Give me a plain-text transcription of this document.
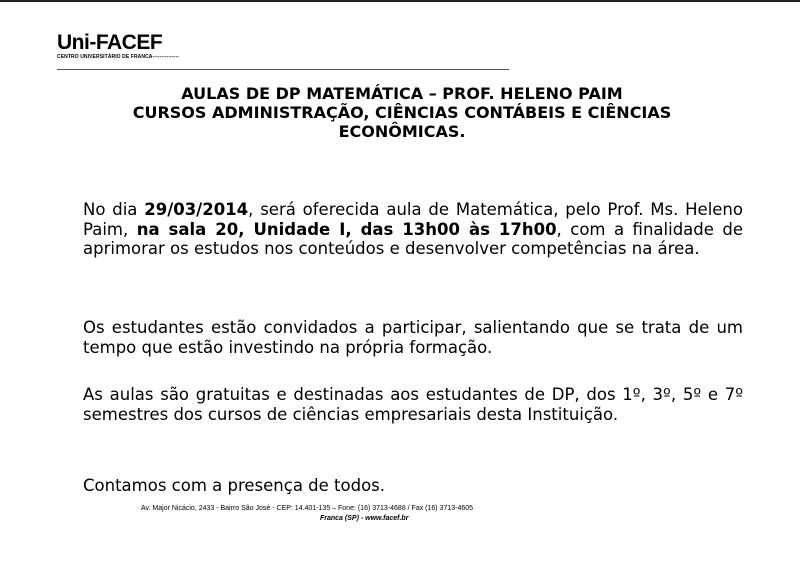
Uni-FACEF
CENTRO UNIVERSITÁRIO DE FRANCA---------------
AULAS DE DP MATEMÁTICA – PROF. HELENO PAIM
CURSOS ADMINISTRAÇÃO, CIÊNCIAS CONTÁBEIS E CIÊNCIAS
ECONÔMICAS.

No dia 29/03/2014, será oferecida aula de Matemática, pelo Prof. Ms. Heleno Paim, na sala 20, Unidade I, das 13h00 às 17h00, com a finalidade de aprimorar os estudos nos conteúdos e desenvolver competências na área.

Os estudantes estão convidados a participar, salientando que se trata de um tempo que estão investindo na própria formação.

As aulas são gratuitas e destinadas aos estudantes de DP, dos 1º, 3º, 5º e 7º semestres dos cursos de ciências empresariais desta Instituição.

Contamos com a presença de todos.

Av. Major Nicácio, 2433 - Bairro São José - CEP: 14.401-135 – Fone: (16) 3713-4688 / Fax (16) 3713-4605
Franca (SP) - www.facef.br
